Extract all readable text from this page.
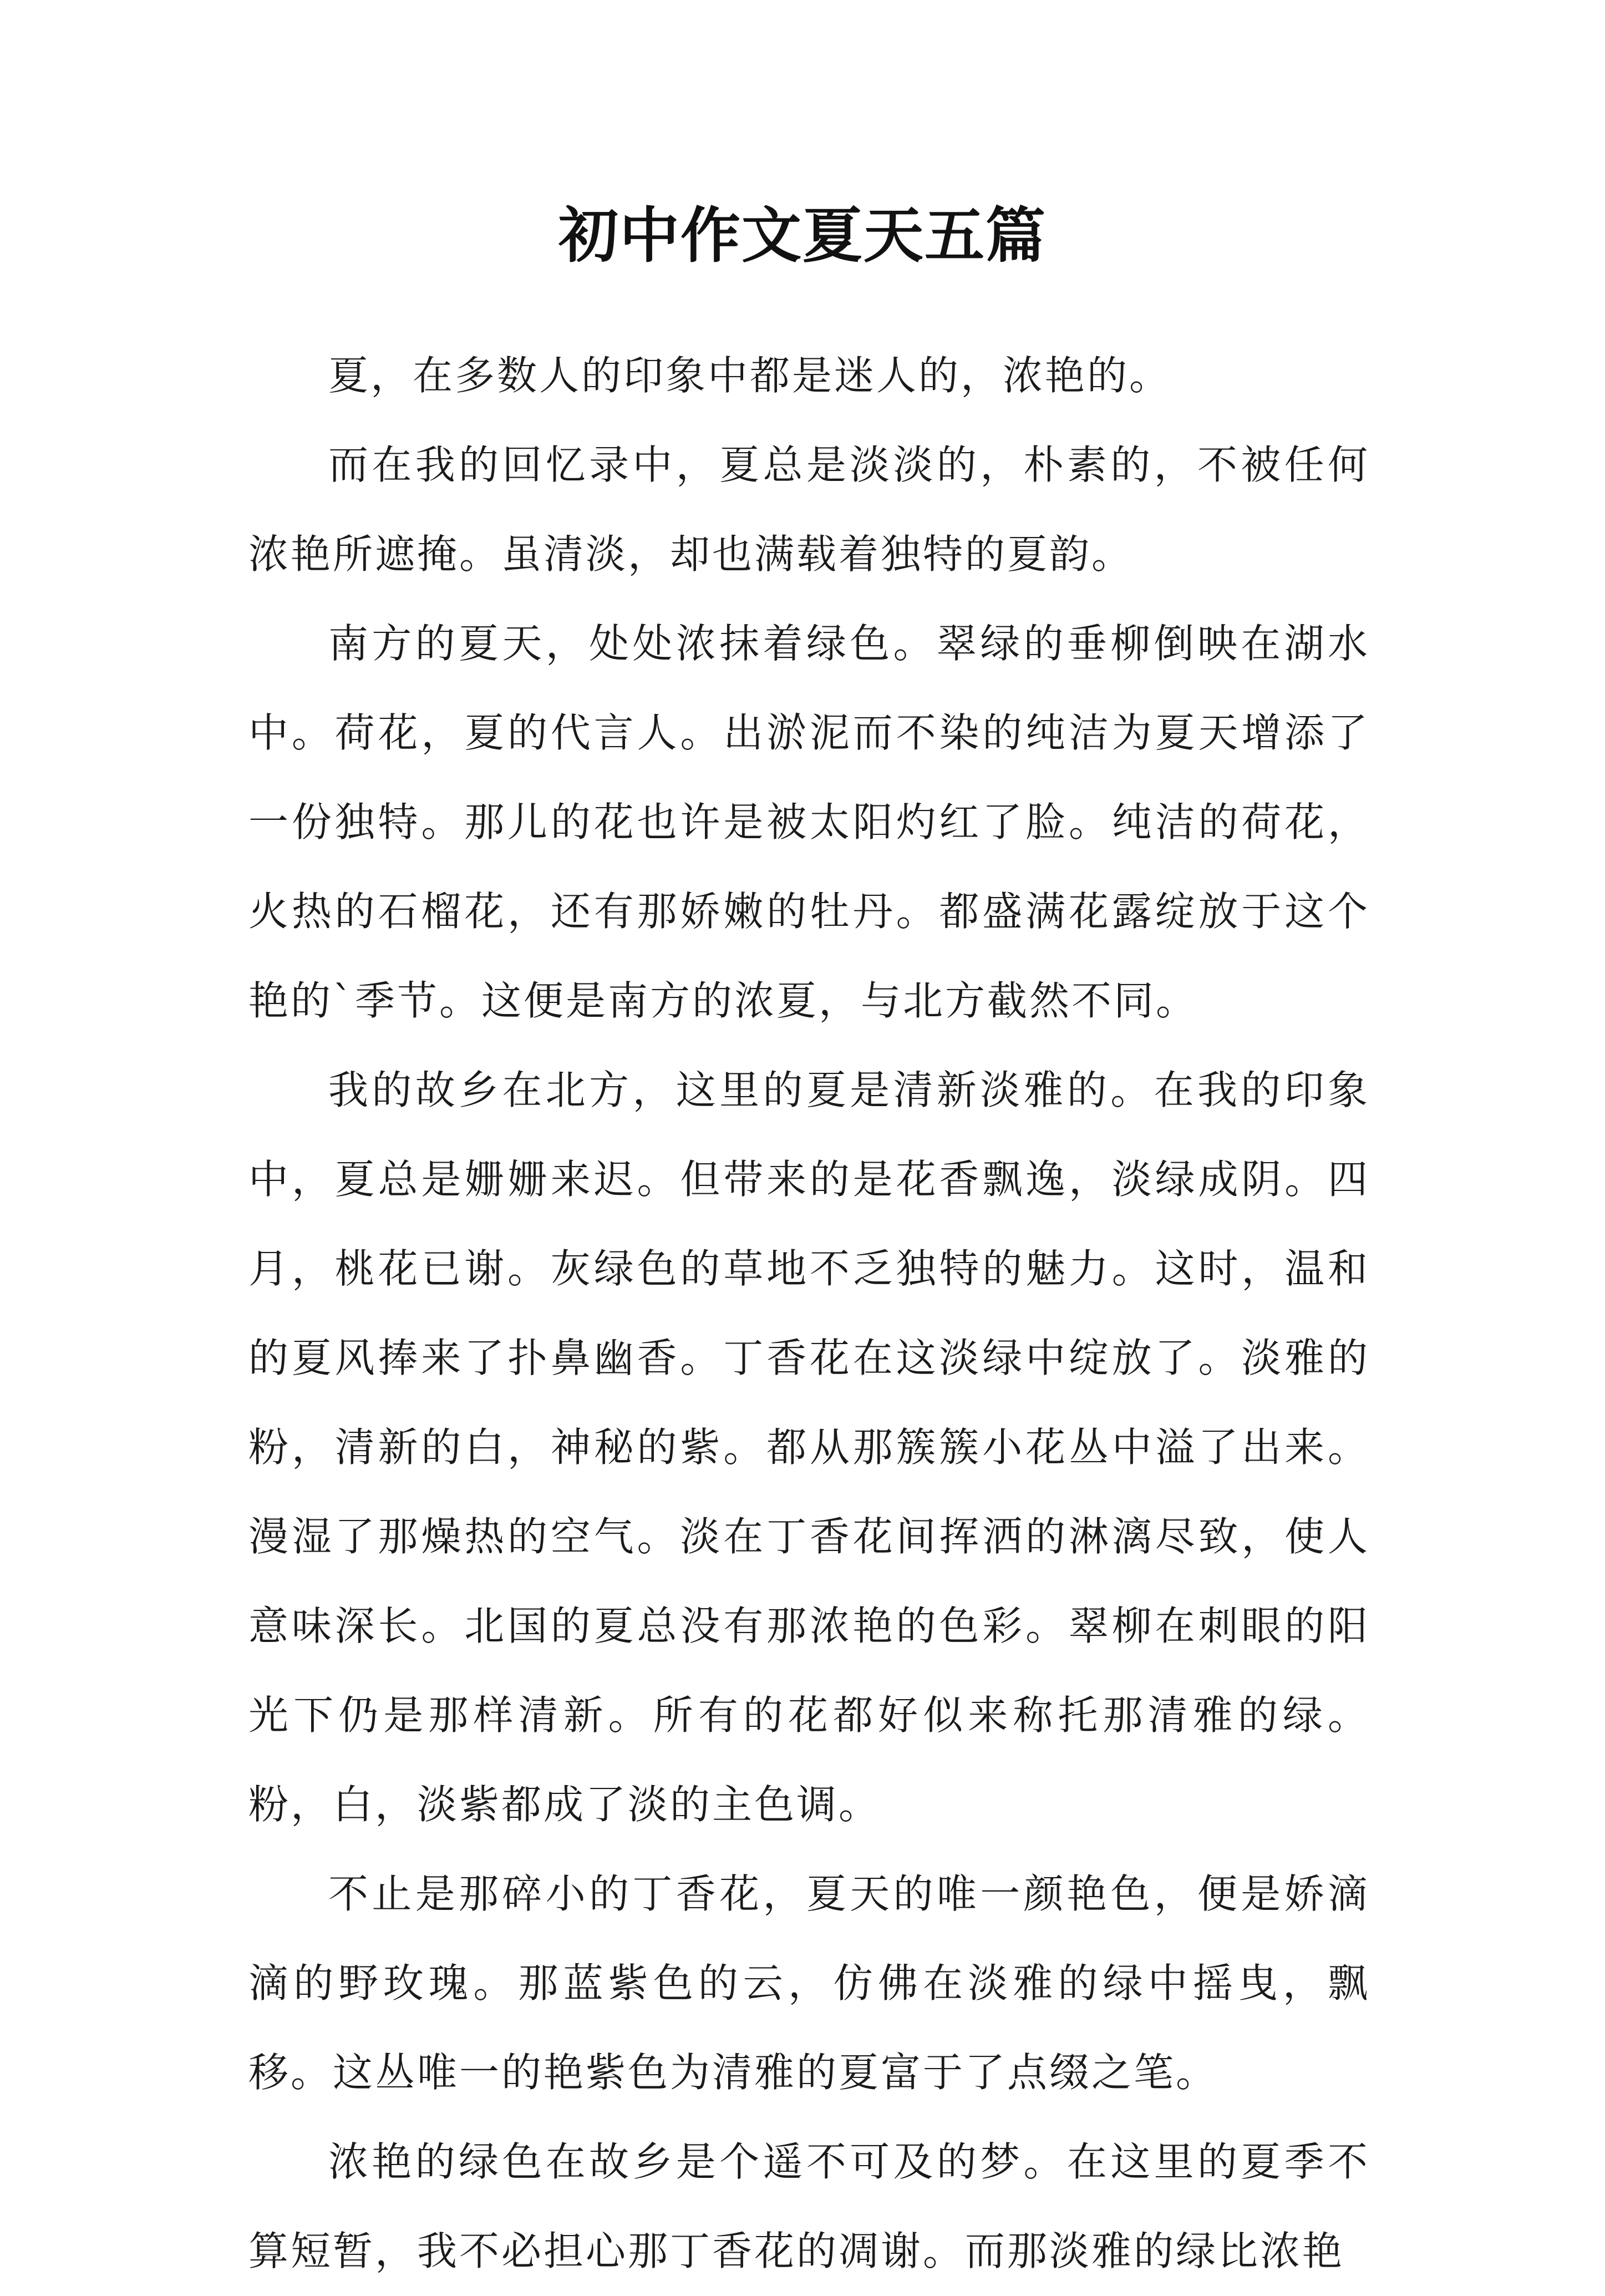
初中作文夏天五篇

夏，在多数人的印象中都是迷人的，浓艳的。

而在我的回忆录中，夏总是淡淡的，朴素的，不被任何浓艳所遮掩。虽清淡，却也满载着独特的夏韵。

南方的夏天，处处浓抹着绿色。翠绿的垂柳倒映在湖水中。荷花，夏的代言人。出淤泥而不染的纯洁为夏天增添了一份独特。那儿的花也许是被太阳灼红了脸。纯洁的荷花，火热的石榴花，还有那娇嫩的牡丹。都盛满花露绽放于这个艳的`季节。这便是南方的浓夏，与北方截然不同。

我的故乡在北方，这里的夏是清新淡雅的。在我的印象中，夏总是姗姗来迟。但带来的是花香飘逸，淡绿成阴。四月，桃花已谢。灰绿色的草地不乏独特的魅力。这时，温和的夏风捧来了扑鼻幽香。丁香花在这淡绿中绽放了。淡雅的粉，清新的白，神秘的紫。都从那簇簇小花丛中溢了出来。漫湿了那燥热的空气。淡在丁香花间挥洒的淋漓尽致，使人意味深长。北国的夏总没有那浓艳的色彩。翠柳在刺眼的阳光下仍是那样清新。所有的花都好似来称托那清雅的绿。粉，白，淡紫都成了淡的主色调。

不止是那碎小的丁香花，夏天的唯一颜艳色，便是娇滴滴的野玫瑰。那蓝紫色的云，仿佛在淡雅的绿中摇曳，飘移。这丛唯一的艳紫色为清雅的夏富于了点缀之笔。

浓艳的绿色在故乡是个遥不可及的梦。在这里的夏季不算短暂，我不必担心那丁香花的凋谢。而那淡雅的绿比浓艳
